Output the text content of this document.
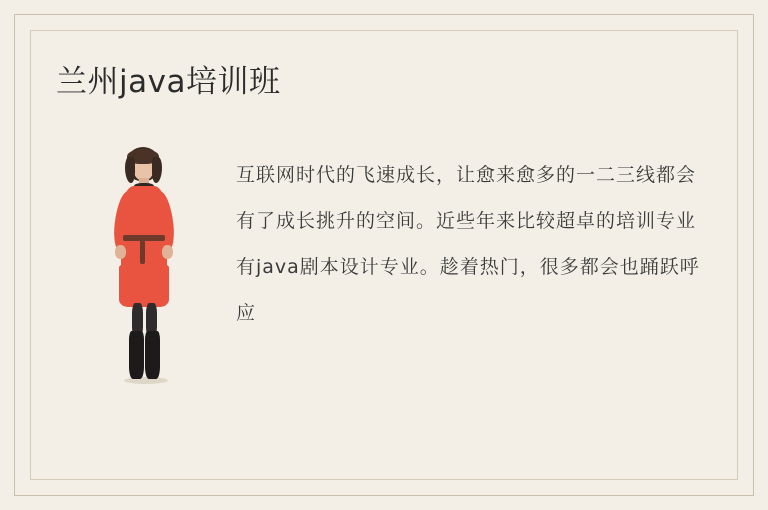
兰州java培训班
互联网时代的飞速成长，让愈来愈多的一二三线都会有了成长挑升的空间。近些年来比较超卓的培训专业有java剧本设计专业。趁着热门，很多都会也踊跃呼应
